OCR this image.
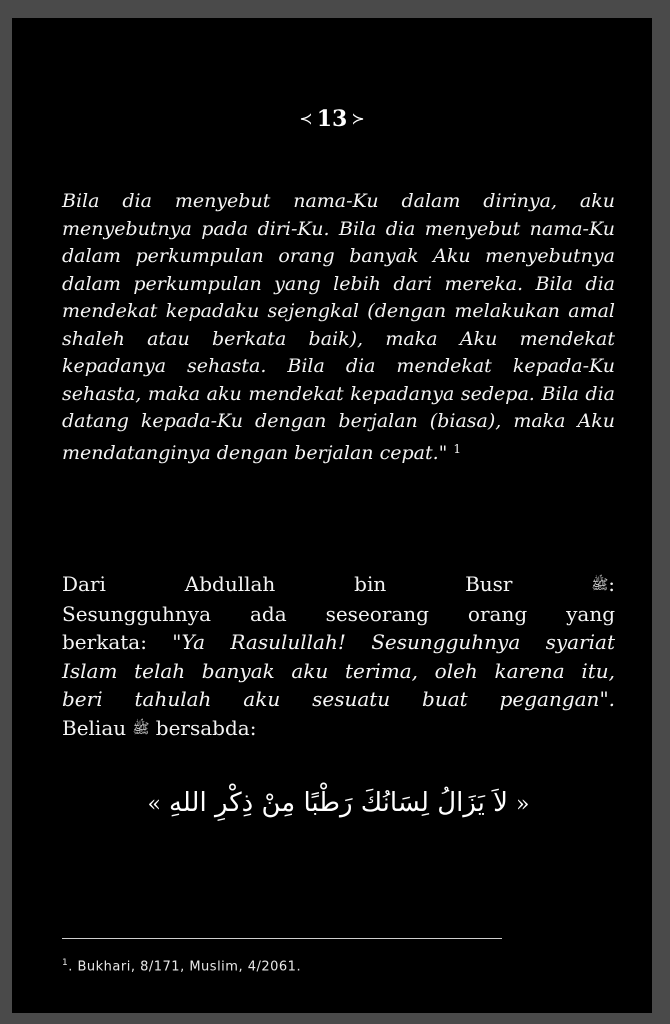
≺ 13 ≻
Bila dia menyebut nama-Ku dalam dirinya, aku menyebutnya pada diri-Ku. Bila dia menyebut nama-Ku dalam perkumpulan orang banyak Aku menyebutnya dalam perkumpulan yang lebih dari mereka. Bila dia mendekat kepadaku sejengkal (dengan melakukan amal shaleh atau berkata baik), maka Aku mendekat kepadanya sehasta. Bila dia mendekat kepada-Ku sehasta, maka aku mendekat kepadanya sedepa. Bila dia datang kepada-Ku dengan berjalan (biasa), maka Aku mendatanginya dengan berjalan cepat." $^1$
Dari	Abdullah	bin	Busr	ﷺ:
Sesungguhnya ada seseorang orang yang
berkata: "Ya Rasulullah! Sesungguhnya syariat
Islam telah banyak aku terima, oleh karena itu,
beri tahulah aku sesuatu buat pegangan".
Beliau ﷺ bersabda:
« لاَ يَزَالُ لِسَانُكَ رَطْبًا مِنْ ذِكْرِ اللهِ »
$^1$. Bukhari, 8/171, Muslim, 4/2061.
